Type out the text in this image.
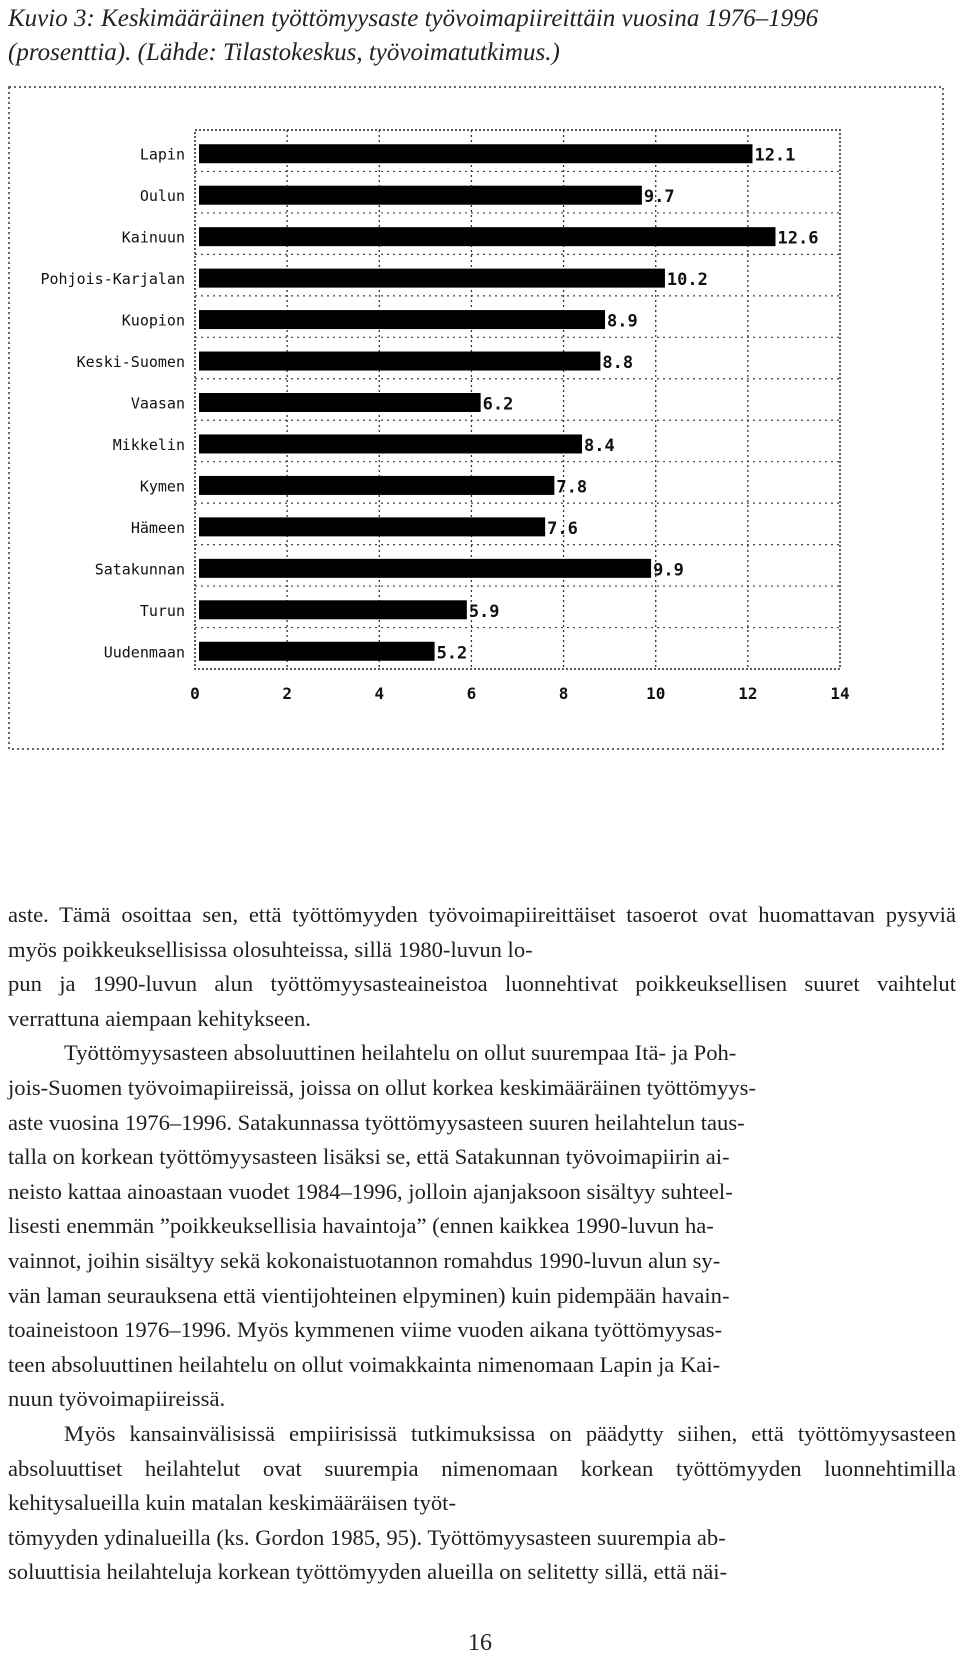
Kuvio 3: Keskimääräinen työttömyysaste työvoimapiireittäin vuosina 1976–1996
(prosenttia). (Lähde: Tilastokeskus, työvoimatutkimus.)
Lapin	12.1
Oulun	9.7
Kainuun	12.6
Pohjois-Karjalan	10.2
Kuopion	8.9
Keski-Suomen	8.8
Vaasan	6.2
Mikkelin	8.4
Kymen	7.8
Hämeen	7.6
Satakunnan	9.9
Turun	5.9
Uudenmaan	5.2
0	2	4	6	8	10	12	14

aste. Tämä osoittaa sen, että työttömyyden työvoimapiireittäiset tasoerot ovat huomattavan pysyviä myös poikkeuksellisissa olosuhteissa, sillä 1980-luvun lo-
pun ja 1990-luvun alun työttömyysasteaineistoa luonnehtivat poikkeuksellisen suuret vaihtelut verrattuna aiempaan kehitykseen.

Työttömyysasteen absoluuttinen heilahtelu on ollut suurempaa Itä- ja Poh-
jois-Suomen työvoimapiireissä, joissa on ollut korkea keskimääräinen työttömyys-
aste vuosina 1976–1996. Satakunnassa työttömyysasteen suuren heilahtelun taus-
talla on korkean työttömyysasteen lisäksi se, että Satakunnan työvoimapiirin ai-
neisto kattaa ainoastaan vuodet 1984–1996, jolloin ajanjaksoon sisältyy suhteel-
lisesti enemmän ”poikkeuksellisia havaintoja” (ennen kaikkea 1990-luvun ha-
vainnot, joihin sisältyy sekä kokonaistuotannon romahdus 1990-luvun alun sy-
vän laman seurauksena että vientijohteinen elpyminen) kuin pidempään havain-
toaineistoon 1976–1996. Myös kymmenen viime vuoden aikana työttömyysas-
teen absoluuttinen heilahtelu on ollut voimakkainta nimenomaan Lapin ja Kai-
nuun työvoimapiireissä.

Myös kansainvälisissä empiirisissä tutkimuksissa on päädytty siihen, että työttömyysasteen absoluuttiset heilahtelut ovat suurempia nimenomaan korkean työttömyyden luonnehtimilla kehitysalueilla kuin matalan keskimääräisen työt-
tömyyden ydinalueilla (ks. Gordon 1985, 95). Työttömyysasteen suurempia ab-
soluuttisia heilahteluja korkean työttömyyden alueilla on selitetty sillä, että näi-

16
